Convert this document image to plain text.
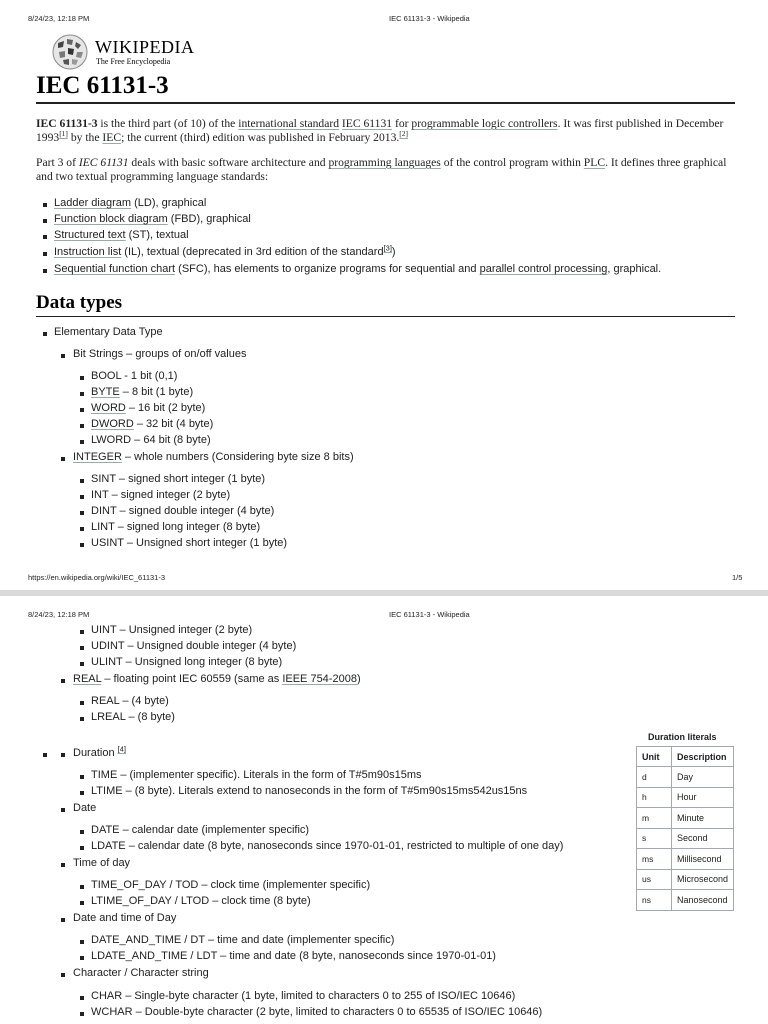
8/24/23, 12:18 PM	IEC 61131-3 - Wikipedia
WIKIPEDIA
The Free Encyclopedia
IEC 61131-3

IEC 61131-3 is the third part (of 10) of the international standard IEC 61131 for programmable logic controllers. It was first published in December 1993[1] by the IEC; the current (third) edition was published in February 2013.[2]

Part 3 of IEC 61131 deals with basic software architecture and programming languages of the control program within PLC. It defines three graphical and two textual programming language standards:

Ladder diagram (LD), graphical
Function block diagram (FBD), graphical
Structured text (ST), textual
Instruction list (IL), textual (deprecated in 3rd edition of the standard[3])
Sequential function chart (SFC), has elements to organize programs for sequential and parallel control processing, graphical.
Data types
Elementary Data Type
Bit Strings – groups of on/off values
BOOL - 1 bit (0,1)
BYTE – 8 bit (1 byte)
WORD – 16 bit (2 byte)
DWORD – 32 bit (4 byte)
LWORD – 64 bit (8 byte)
INTEGER – whole numbers (Considering byte size 8 bits)
SINT – signed short integer (1 byte)
INT – signed integer (2 byte)
DINT – signed double integer (4 byte)
LINT – signed long integer (8 byte)
USINT – Unsigned short integer (1 byte)
https://en.wikipedia.org/wiki/IEC_61131-3	1/5
8/24/23, 12:18 PM	IEC 61131-3 - Wikipedia
UINT – Unsigned integer (2 byte)
UDINT – Unsigned double integer (4 byte)
ULINT – Unsigned long integer (8 byte)
REAL – floating point IEC 60559 (same as IEEE 754-2008)
REAL – (4 byte)
LREAL – (8 byte)
Duration [4]
TIME – (implementer specific). Literals in the form of T#5m90s15ms
LTIME – (8 byte). Literals extend to nanoseconds in the form of T#5m90s15ms542us15ns
Date
DATE – calendar date (implementer specific)
LDATE – calendar date (8 byte, nanoseconds since 1970-01-01, restricted to multiple of one day)
Time of day
TIME_OF_DAY / TOD – clock time (implementer specific)
LTIME_OF_DAY / LTOD – clock time (8 byte)
Date and time of Day
DATE_AND_TIME / DT – time and date (implementer specific)
LDATE_AND_TIME / LDT – time and date (8 byte, nanoseconds since 1970-01-01)
Character / Character string
CHAR – Single-byte character (1 byte, limited to characters 0 to 255 of ISO/IEC 10646)
WCHAR – Double-byte character (2 byte, limited to characters 0 to 65535 of ISO/IEC 10646)
Duration literals
Unit	Description
d	Day
h	Hour
m	Minute
s	Second
ms	Millisecond
us	Microsecond
ns	Nanosecond
